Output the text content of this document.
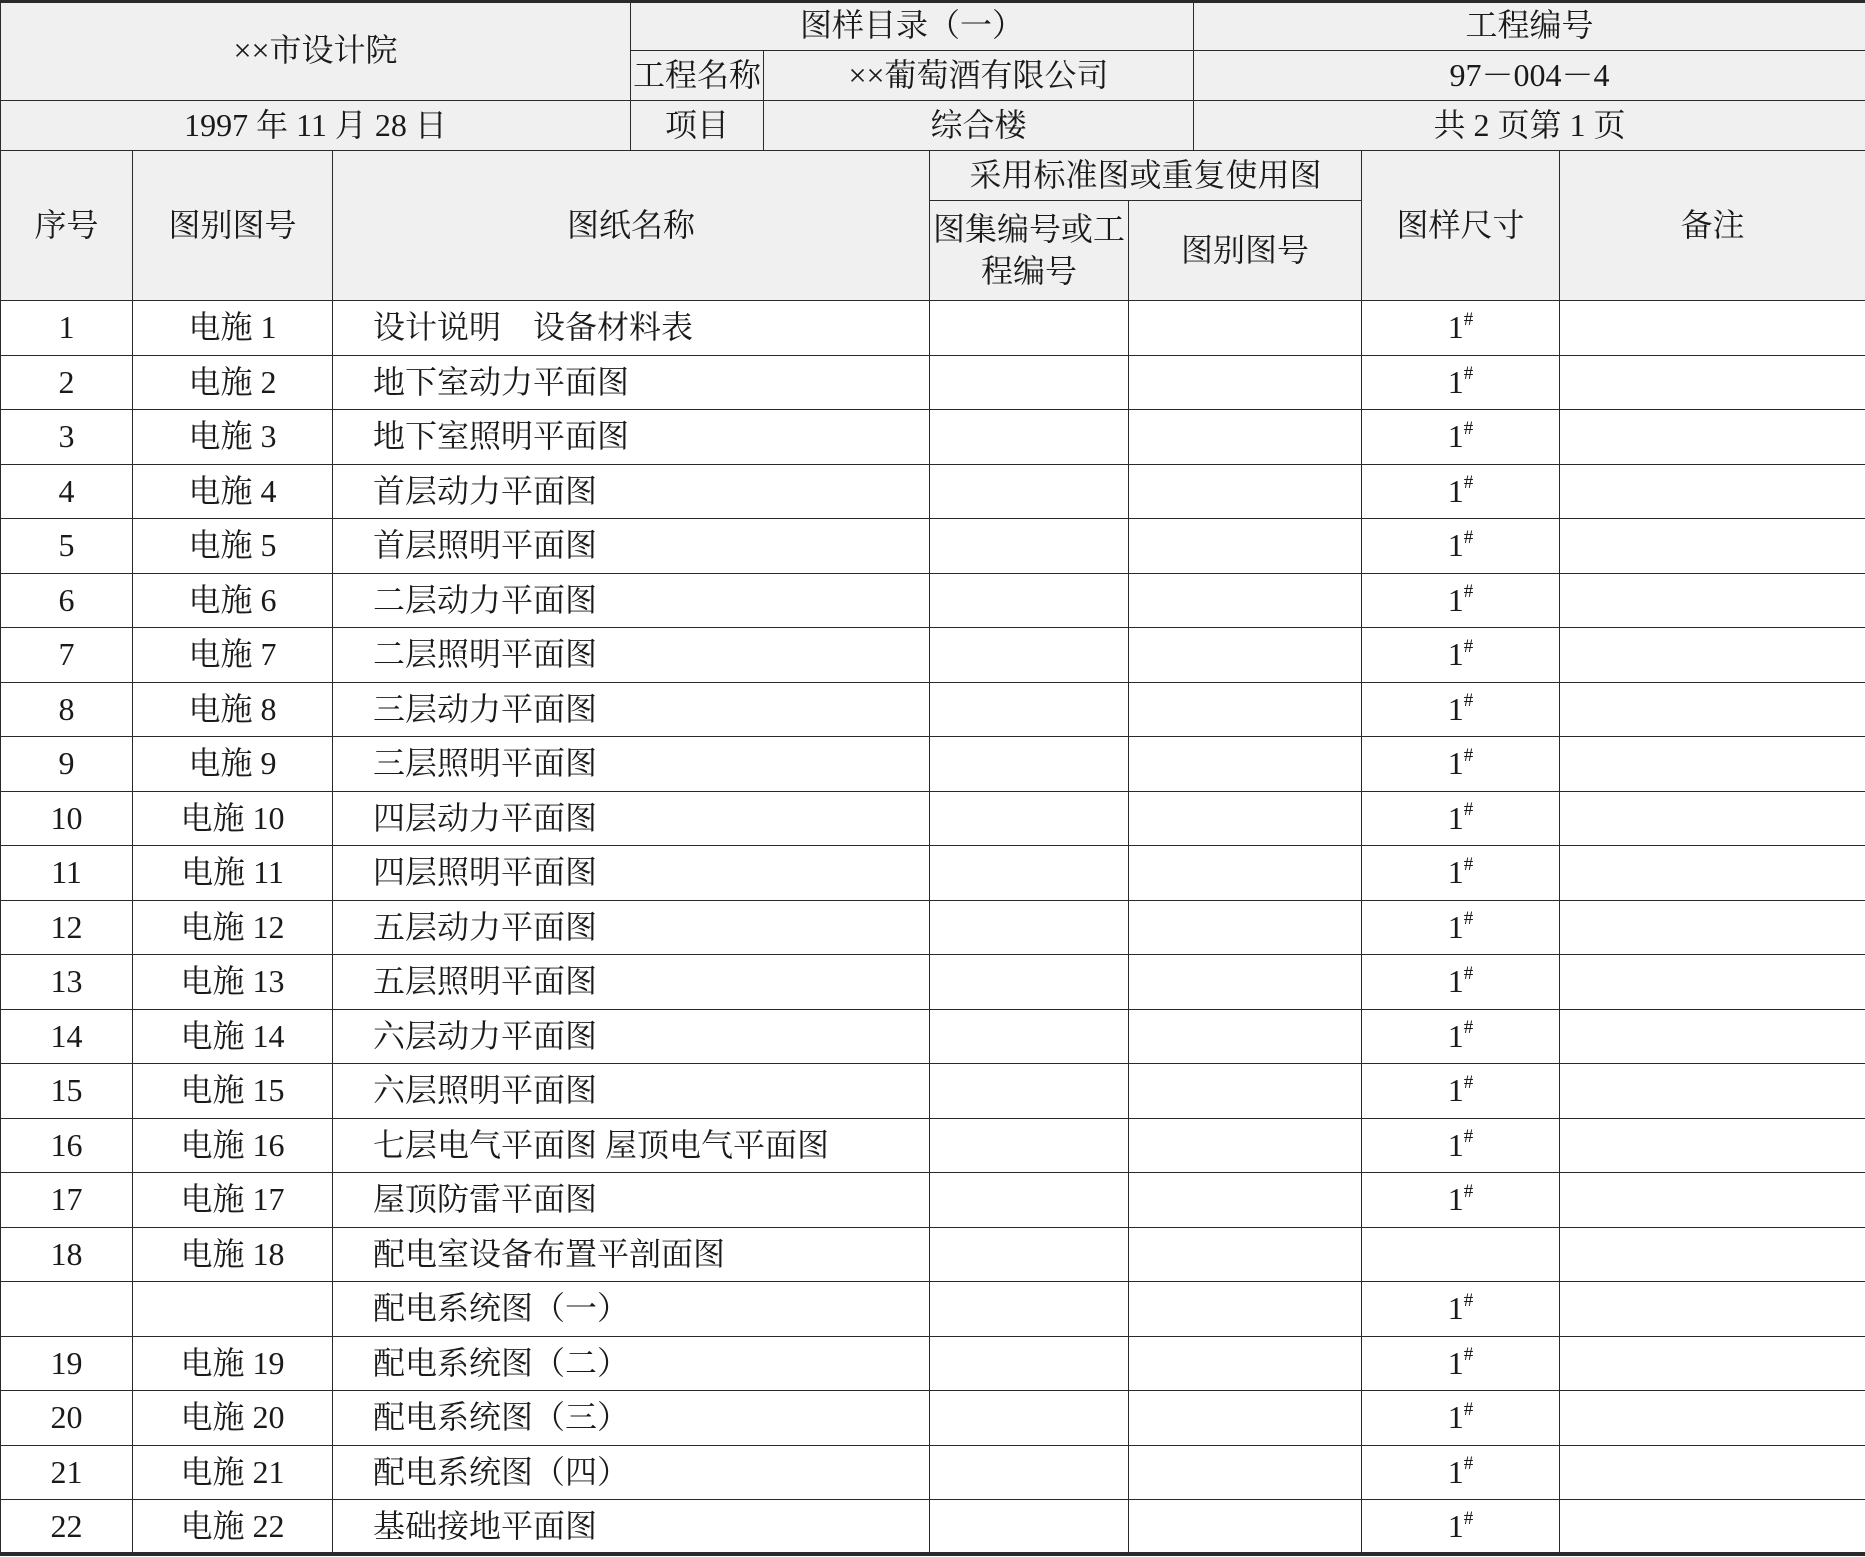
××市设计院	图样目录（一）		工程编号
	工程名称	××葡萄酒有限公司	97－004－4
1997 年 11 月 28 日	项目	综合楼	共 2 页第 1 页
序号	图别图号	图纸名称	采用标准图或重复使用图		图样尺寸	备注
			图集编号或工程编号	图别图号		
1	电施 1	设计说明　设备材料表			1#	
2	电施 2	地下室动力平面图			1#	
3	电施 3	地下室照明平面图			1#	
4	电施 4	首层动力平面图			1#	
5	电施 5	首层照明平面图			1#	
6	电施 6	二层动力平面图			1#	
7	电施 7	二层照明平面图			1#	
8	电施 8	三层动力平面图			1#	
9	电施 9	三层照明平面图			1#	
10	电施 10	四层动力平面图			1#	
11	电施 11	四层照明平面图			1#	
12	电施 12	五层动力平面图			1#	
13	电施 13	五层照明平面图			1#	
14	电施 14	六层动力平面图			1#	
15	电施 15	六层照明平面图			1#	
16	电施 16	七层电气平面图 屋顶电气平面图			1#	
17	电施 17	屋顶防雷平面图			1#	
18	电施 18	配电室设备布置平剖面图				
		配电系统图（一）			1#	
19	电施 19	配电系统图（二）			1#	
20	电施 20	配电系统图（三）			1#	
21	电施 21	配电系统图（四）			1#	
22	电施 22	基础接地平面图			1#	
